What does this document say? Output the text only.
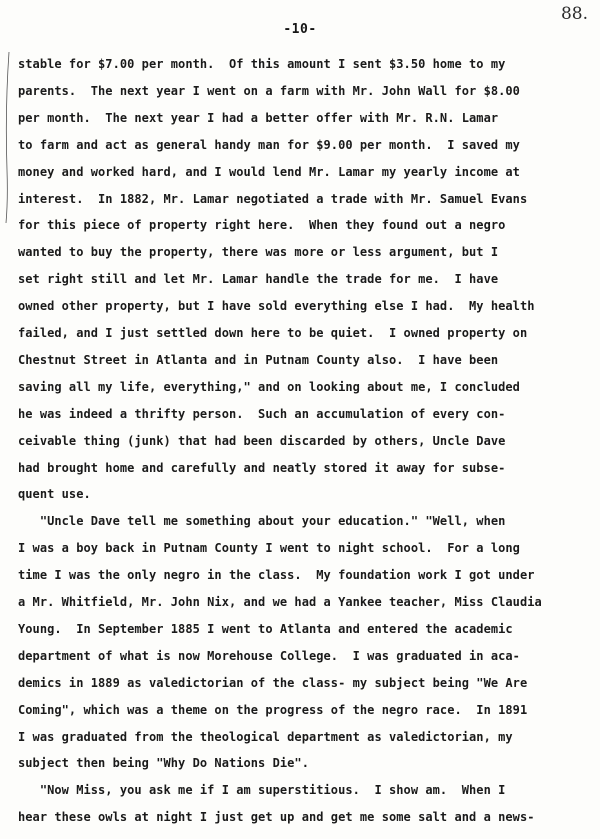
88.
-10-
stable for $7.00 per month.  Of this amount I sent $3.50 home to my
parents.  The next year I went on a farm with Mr. John Wall for $8.00
per month.  The next year I had a better offer with Mr. R.N. Lamar
to farm and act as general handy man for $9.00 per month.  I saved my
money and worked hard, and I would lend Mr. Lamar my yearly income at
interest.  In 1882, Mr. Lamar negotiated a trade with Mr. Samuel Evans
for this piece of property right here.  When they found out a negro
wanted to buy the property, there was more or less argument, but I
set right still and let Mr. Lamar handle the trade for me.  I have
owned other property, but I have sold everything else I had.  My health
failed, and I just settled down here to be quiet.  I owned property on
Chestnut Street in Atlanta and in Putnam County also.  I have been
saving all my life, everything," and on looking about me, I concluded
he was indeed a thrifty person.  Such an accumulation of every con-
ceivable thing (junk) that had been discarded by others, Uncle Dave
had brought home and carefully and neatly stored it away for subse-
quent use.
"Uncle Dave tell me something about your education." "Well, when
I was a boy back in Putnam County I went to night school.  For a long
time I was the only negro in the class.  My foundation work I got under
a Mr. Whitfield, Mr. John Nix, and we had a Yankee teacher, Miss Claudia
Young.  In September 1885 I went to Atlanta and entered the academic
department of what is now Morehouse College.  I was graduated in aca-
demics in 1889 as valedictorian of the class- my subject being "We Are
Coming", which was a theme on the progress of the negro race.  In 1891
I was graduated from the theological department as valedictorian, my
subject then being "Why Do Nations Die".
"Now Miss, you ask me if I am superstitious.  I show am.  When I
hear these owls at night I just get up and get me some salt and a news-
